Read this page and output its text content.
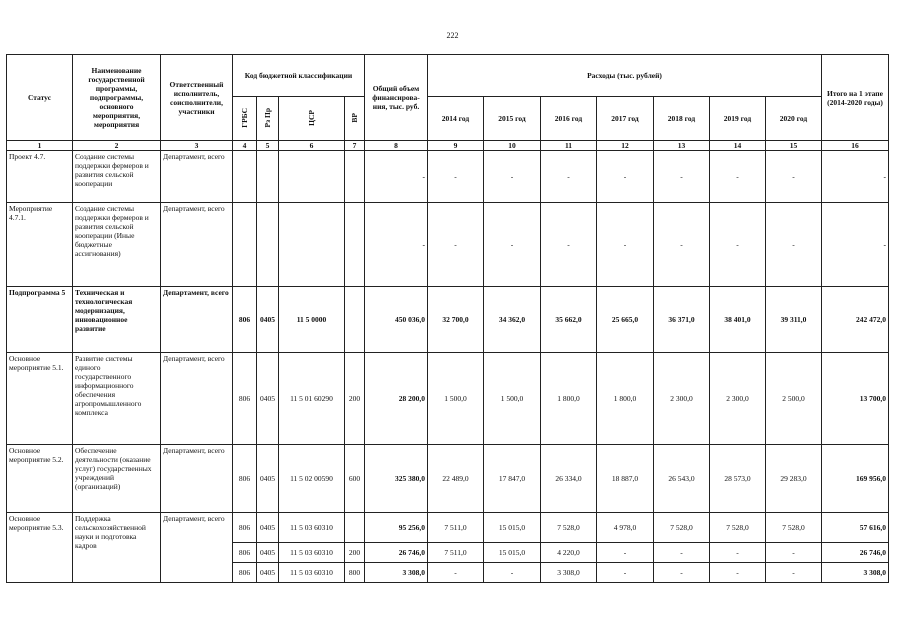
222
Статус	Наименование государственной программы, подпрограммы, основного мероприятия, мероприятия	Ответственный исполнитель, соисполнители, участники	Код бюджетной классификации				Общий объем финансирова-ния, тыс. руб.	Расходы (тыс. рублей)							Итого на 1 этапе (2014-2020 годы)
			ГРБС	Рз Пр	ЦСР	ВР		2014 год	2015 год	2016 год	2017 год	2018 год	2019 год	2020 год	
1	2	3	4	5	6	7	8	9	10	11	12	13	14	15	16
Проект 4.7.	Создание системы поддержки фермеров и развития сельской кооперации	Департамент, всего					-	-	-	-	-	-	-	-	-
Мероприятие 4.7.1.	Создание системы поддержки фермеров и развития сельской кооперации (Иные бюджетные ассигнования)	Департамент, всего					-	-	-	-	-	-	-	-	-
Подпрограмма 5	Техническая и технологическая модернизация, инновационное развитие	Департамент, всего	806	0405	11 5 0000		450 036,0	32 700,0	34 362,0	35 662,0	25 665,0	36 371,0	38 401,0	39 311,0	242 472,0
Основное мероприятие 5.1.	Развитие системы единого государственного информационного обеспечения агропромышленного комплекса	Департамент, всего	806	0405	11 5 01 60290	200	28 200,0	1 500,0	1 500,0	1 800,0	1 800,0	2 300,0	2 300,0	2 500,0	13 700,0
Основное мероприятие 5.2.	Обеспечение деятельности (оказание услуг) государственных учреждений (организаций)	Департамент, всего	806	0405	11 5 02 00590	600	325 380,0	22 489,0	17 847,0	26 334,0	18 887,0	26 543,0	28 573,0	29 283,0	169 956,0
Основное мероприятие 5.3.	Поддержка сельскохозяйственной науки и подготовка кадров	Департамент, всего	806	0405	11 5 03 60310		95 256,0	7 511,0	15 015,0	7 528,0	4 978,0	7 528,0	7 528,0	7 528,0	57 616,0
			806	0405	11 5 03 60310	200	26 746,0	7 511,0	15 015,0	4 220,0	-	-	-	-	26 746,0
			806	0405	11 5 03 60310	800	3 308,0	-	-	3 308,0	-	-	-	-	3 308,0
